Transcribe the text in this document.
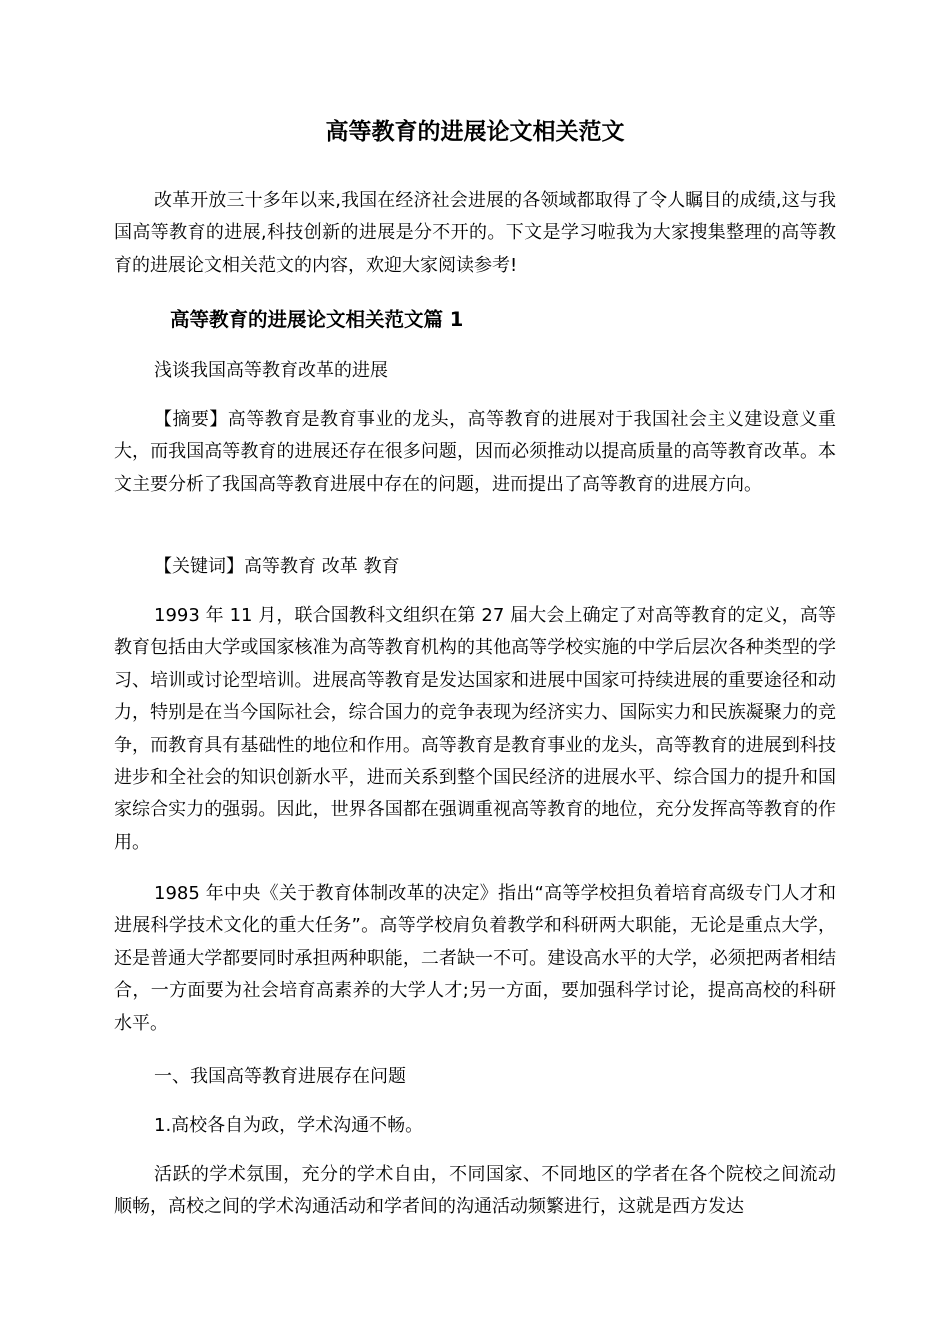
高等教育的进展论文相关范文

改革开放三十多年以来,我国在经济社会进展的各领域都取得了令人瞩目的成绩,这与我国高等教育的进展,科技创新的进展是分不开的。下文是学习啦我为大家搜集整理的高等教育的进展论文相关范文的内容，欢迎大家阅读参考!

高等教育的进展论文相关范文篇 1

浅谈我国高等教育改革的进展

【摘要】高等教育是教育事业的龙头，高等教育的进展对于我国社会主义建设意义重大，而我国高等教育的进展还存在很多问题，因而必须推动以提高质量的高等教育改革。本文主要分析了我国高等教育进展中存在的问题，进而提出了高等教育的进展方向。

【关键词】高等教育 改革 教育

1993 年 11 月，联合国教科文组织在第 27 届大会上确定了对高等教育的定义，高等教育包括由大学或国家核准为高等教育机构的其他高等学校实施的中学后层次各种类型的学习、培训或讨论型培训。进展高等教育是发达国家和进展中国家可持续进展的重要途径和动力，特别是在当今国际社会，综合国力的竞争表现为经济实力、国际实力和民族凝聚力的竞争，而教育具有基础性的地位和作用。高等教育是教育事业的龙头，高等教育的进展到科技进步和全社会的知识创新水平，进而关系到整个国民经济的进展水平、综合国力的提升和国家综合实力的强弱。因此，世界各国都在强调重视高等教育的地位，充分发挥高等教育的作用。

1985 年中央《关于教育体制改革的决定》指出“高等学校担负着培育高级专门人才和进展科学技术文化的重大任务”。高等学校肩负着教学和科研两大职能，无论是重点大学，还是普通大学都要同时承担两种职能，二者缺一不可。建设高水平的大学，必须把两者相结合，一方面要为社会培育高素养的大学人才;另一方面，要加强科学讨论，提高高校的科研水平。

一、我国高等教育进展存在问题

1.高校各自为政，学术沟通不畅。

活跃的学术氛围，充分的学术自由，不同国家、不同地区的学者在各个院校之间流动顺畅，高校之间的学术沟通活动和学者间的沟通活动频繁进行，这就是西方发达
